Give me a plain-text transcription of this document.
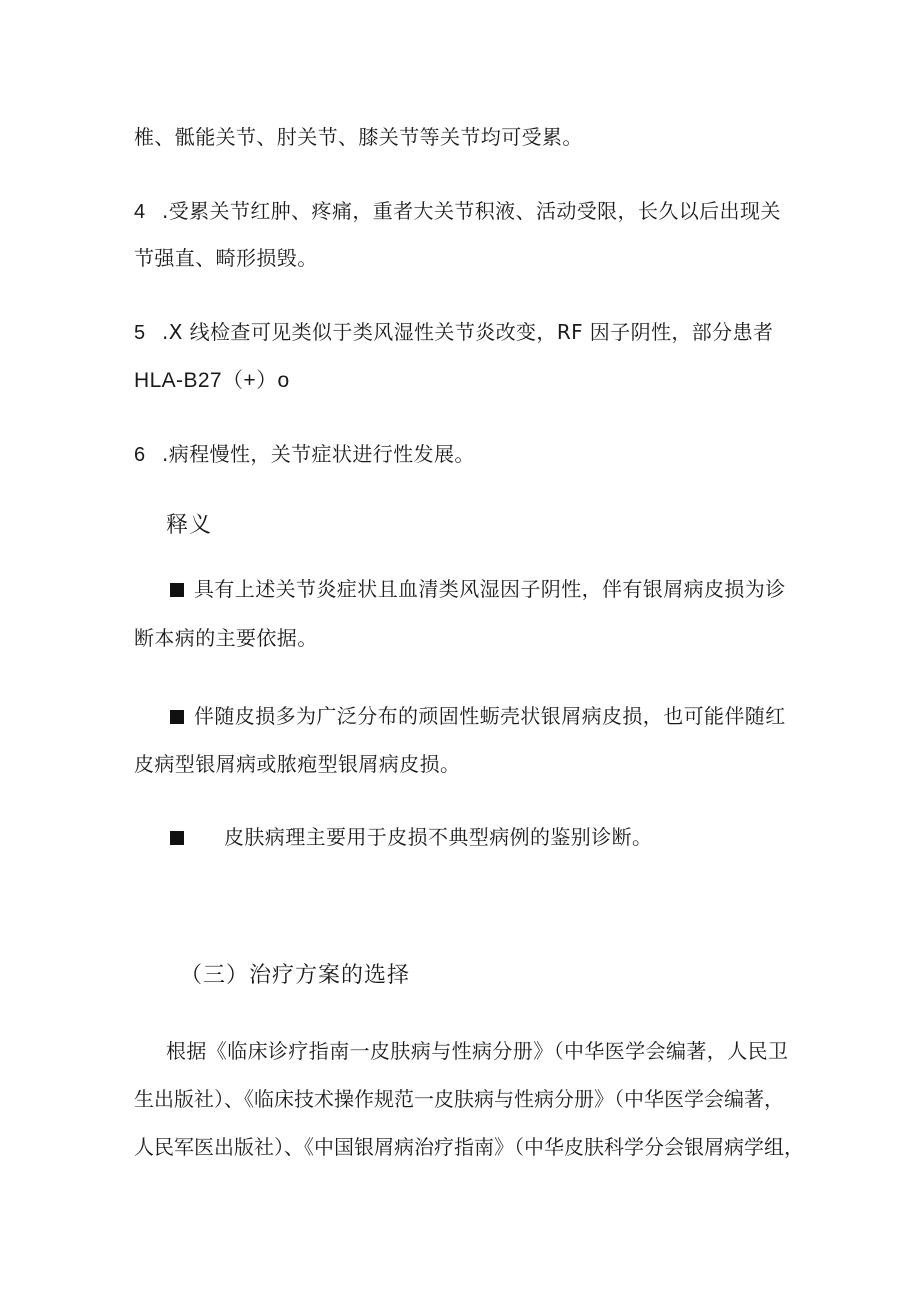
椎、骶能关节、肘关节、膝关节等关节均可受累。
4 .受累关节红肿、疼痛，重者大关节积液、活动受限，长久以后出现关
节强直、畸形损毁。
5 .X 线检查可见类似于类风湿性关节炎改变，RF 因子阴性，部分患者
HLA-B27（+）o
6 .病程慢性，关节症状进行性发展。
释义
具有上述关节炎症状且血清类风湿因子阴性，伴有银屑病皮损为诊
断本病的主要依据。
伴随皮损多为广泛分布的顽固性蛎壳状银屑病皮损，也可能伴随红
皮病型银屑病或脓疱型银屑病皮损。
皮肤病理主要用于皮损不典型病例的鉴别诊断。
（三）治疗方案的选择
根据《临床诊疗指南一皮肤病与性病分册》（中华医学会编著，人民卫
生出版社）、《临床技术操作规范一皮肤病与性病分册》（中华医学会编著，
人民军医出版社）、《中国银屑病治疗指南》（中华皮肤科学分会银屑病学组，
